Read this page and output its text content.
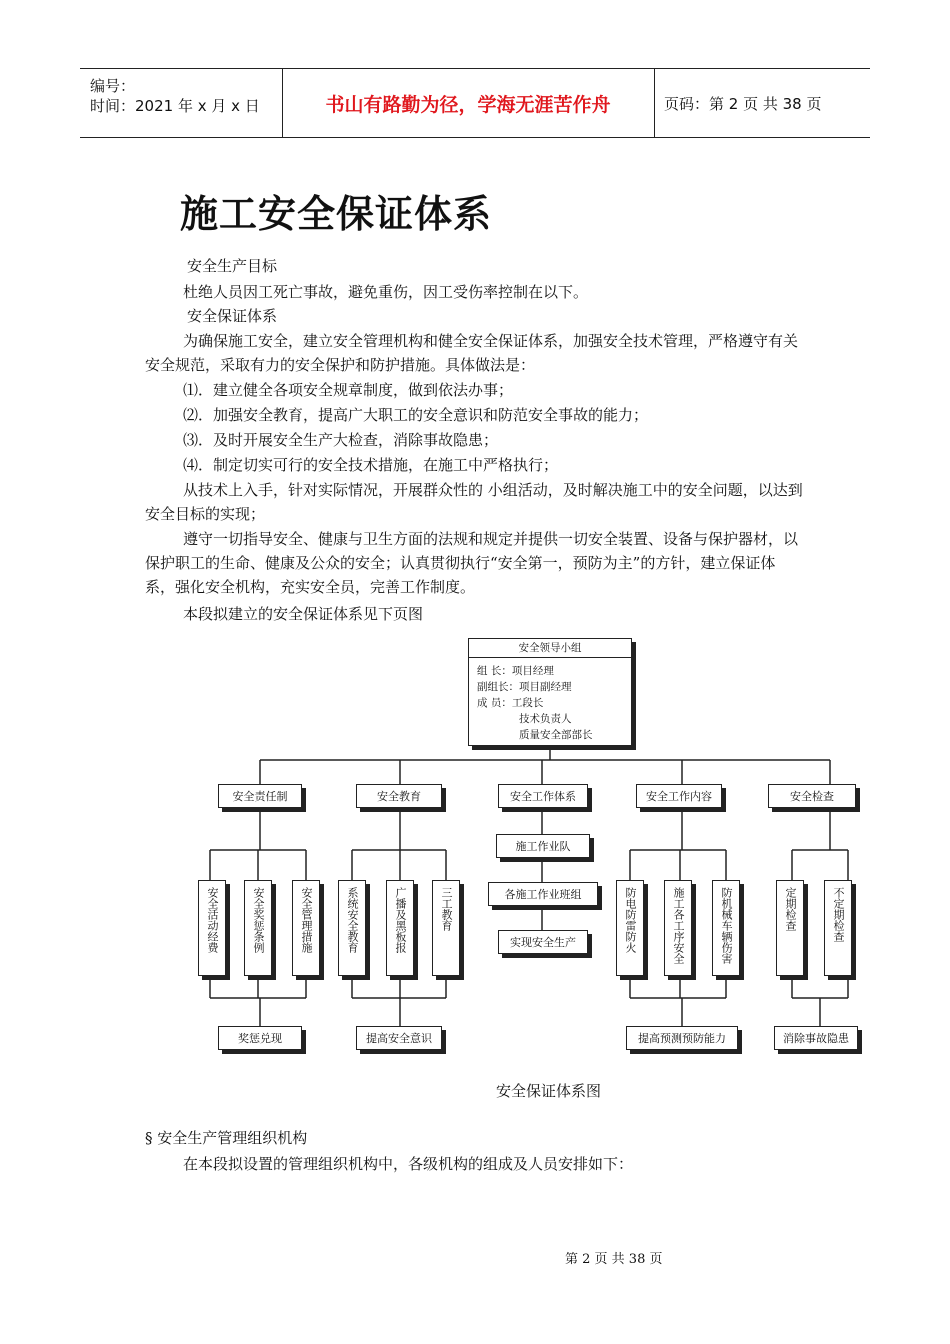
编号：
时间：2021 年 x 月 x 日	书山有路勤为径，学海无涯苦作舟	页码：第 2 页 共 38 页
施工安全保证体系
安全生产目标
杜绝人员因工死亡事故，避免重伤，因工受伤率控制在以下。
安全保证体系
为确保施工安全，建立安全管理机构和健全安全保证体系，加强安全技术管理，严格遵守有关安全规范，采取有力的安全保护和防护措施。具体做法是：
⑴．建立健全各项安全规章制度，做到依法办事；
⑵．加强安全教育，提高广大职工的安全意识和防范安全事故的能力；
⑶．及时开展安全生产大检查，消除事故隐患；
⑷．制定切实可行的安全技术措施，在施工中严格执行；
从技术上入手，针对实际情况，开展群众性的 小组活动，及时解决施工中的安全问题，以达到安全目标的实现；
遵守一切指导安全、健康与卫生方面的法规和规定并提供一切安全装置、设备与保护器材，以保护职工的生命、健康及公众的安全；认真贯彻执行“安全第一，预防为主”的方针，建立保证体系，强化安全机构，充实安全员，完善工作制度。
本段拟建立的安全保证体系见下页图
安全领导小组
组 长：项目经理
副组长：项目副经理
成 员：工段长
技术负责人
质量安全部部长
安全责任制	安全教育	安全工作体系	安全工作内容	安全检查
安全活动经费	安全奖惩条例	安全管理措施
奖惩兑现
系统安全教育	广播及黑板报	三工教育
提高安全意识
施工作业队
各施工作业班组
实现安全生产	防电防雷防火	施工各工序安全	防机械车辆伤害
提高预测预防能力
定期检查	不定期检查
消除事故隐患
安全保证体系图
§ 安全生产管理组织机构
在本段拟设置的管理组织机构中，各级机构的组成及人员安排如下：
第 2 页 共 38 页
